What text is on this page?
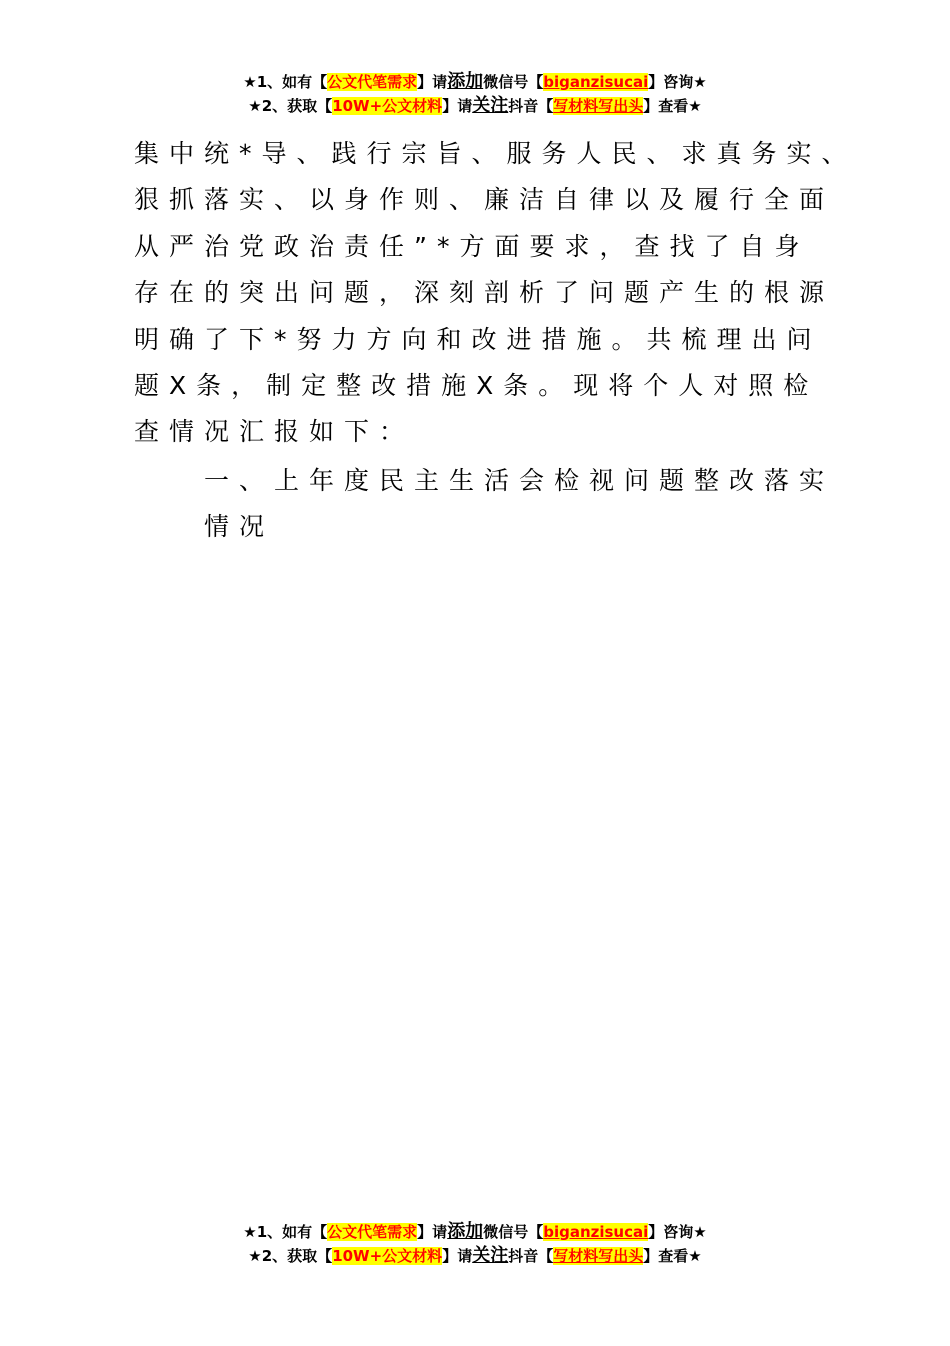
★1、如有【公文代笔需求】请添加微信号【biganzisucai】咨询★
★2、获取【10W+公文材料】请关注抖音【写材料写出头】查看★
集中统*导、践行宗旨、服务人民、求真务实、
狠抓落实、以身作则、廉洁自律以及履行全面
从严治党政治责任”*方面要求，查找了自身
存在的突出问题，深刻剖析了问题产生的根源
明确了下*努力方向和改进措施。共梳理出问
题X条，制定整改措施X条。现将个人对照检
查情况汇报如下：
一、上年度民主生活会检视问题整改落实
情况
★1、如有【公文代笔需求】请添加微信号【biganzisucai】咨询★
★2、获取【10W+公文材料】请关注抖音【写材料写出头】查看★
